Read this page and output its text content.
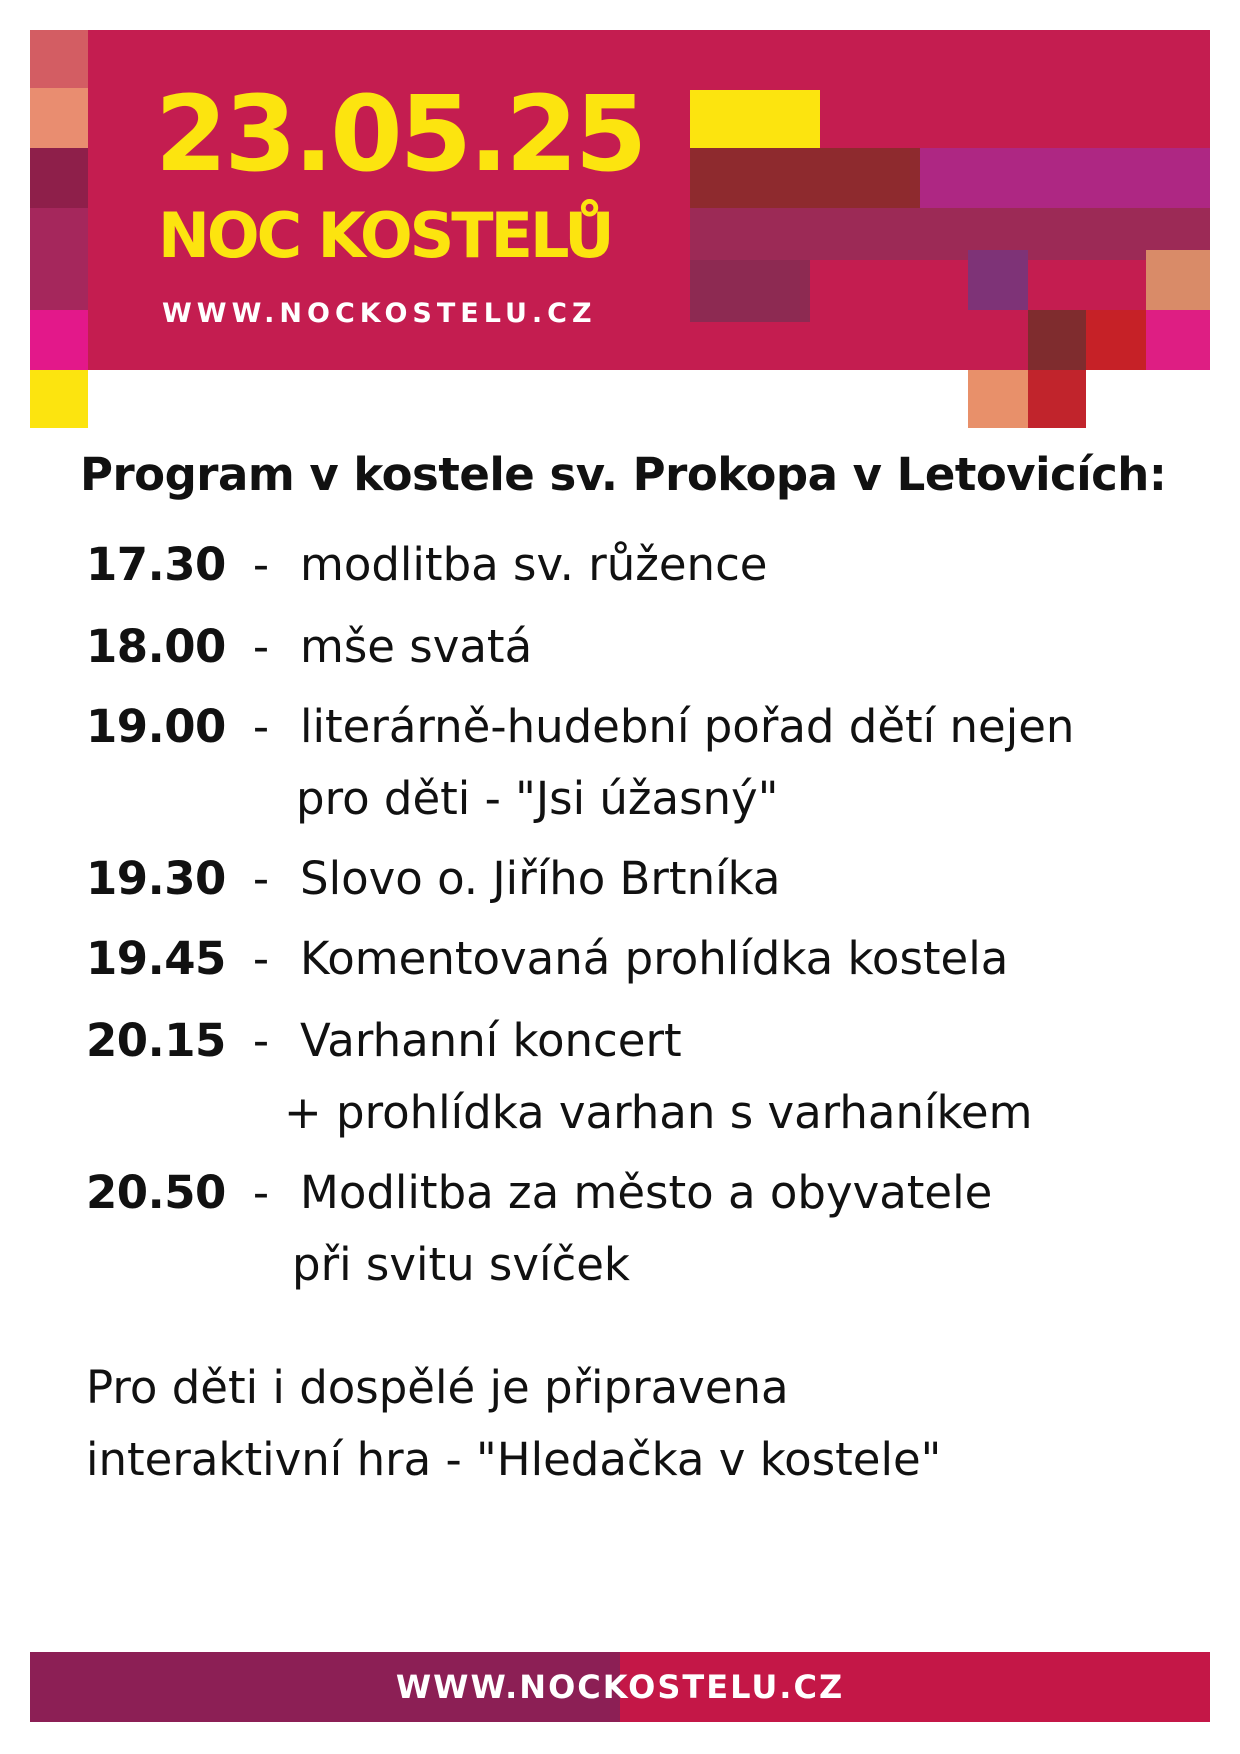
23.05.25
NOC KOSTELŮ
WWW.NOCKOSTELU.CZ
Program v kostele sv. Prokopa v Letovicích:
17.30 - modlitba sv. růžence
18.00 - mše svatá
19.00 - literárně-hudební pořad dětí nejen
pro děti - "Jsi úžasný"
19.30 - Slovo o. Jiřího Brtníka
19.45 - Komentovaná prohlídka kostela
20.15 - Varhanní koncert
+ prohlídka varhan s varhaníkem
20.50 - Modlitba za město a obyvatele
při svitu svíček
Pro děti i dospělé je připravena
interaktivní hra - "Hledačka v kostele"
WWW.NOCKOSTELU.CZ
